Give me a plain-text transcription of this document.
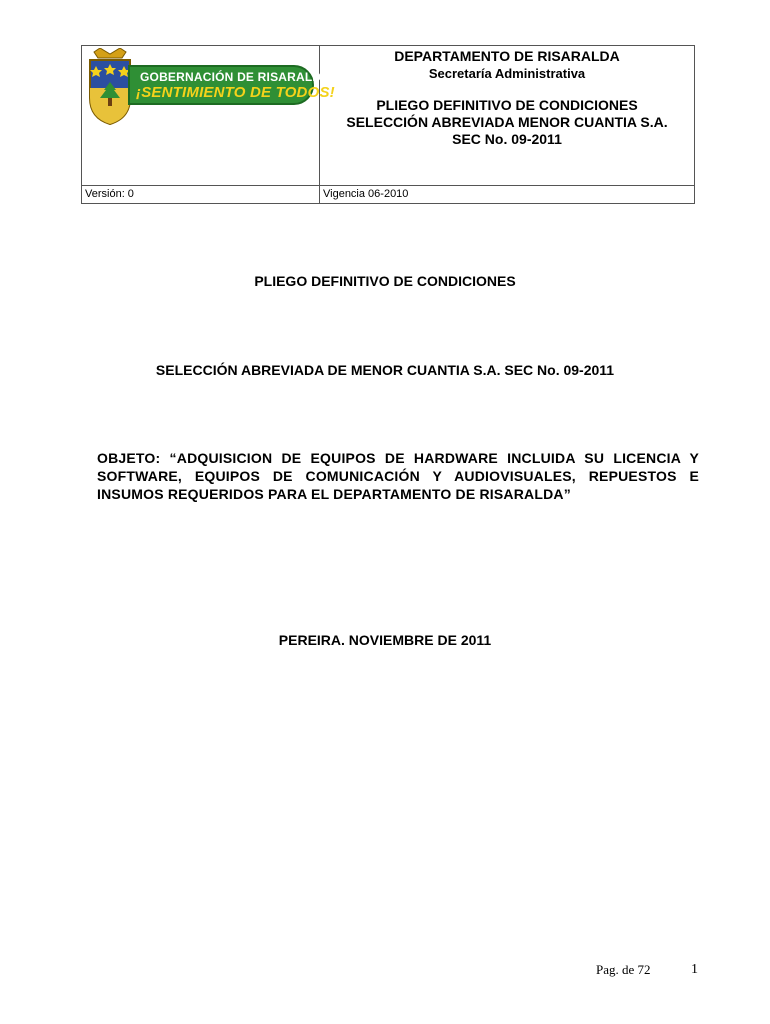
GOBERNACIÓN DE RISARALDA
¡SENTIMIENTO DE TODOS!
DEPARTAMENTO DE RISARALDA
Secretaría Administrativa
PLIEGO DEFINITIVO DE CONDICIONES
SELECCIÓN ABREVIADA MENOR CUANTIA S.A.
SEC No. 09-2011
Versión: 0	Vigencia 06-2010
PLIEGO DEFINITIVO DE CONDICIONES
SELECCIÓN ABREVIADA DE MENOR CUANTIA S.A. SEC No. 09-2011
OBJETO: “ADQUISICION DE EQUIPOS DE HARDWARE INCLUIDA SU LICENCIA Y SOFTWARE, EQUIPOS DE COMUNICACIÓN Y AUDIOVISUALES, REPUESTOS E INSUMOS REQUERIDOS PARA EL DEPARTAMENTO DE RISARALDA”
PEREIRA. NOVIEMBRE DE 2011
Pag. de 72	1
